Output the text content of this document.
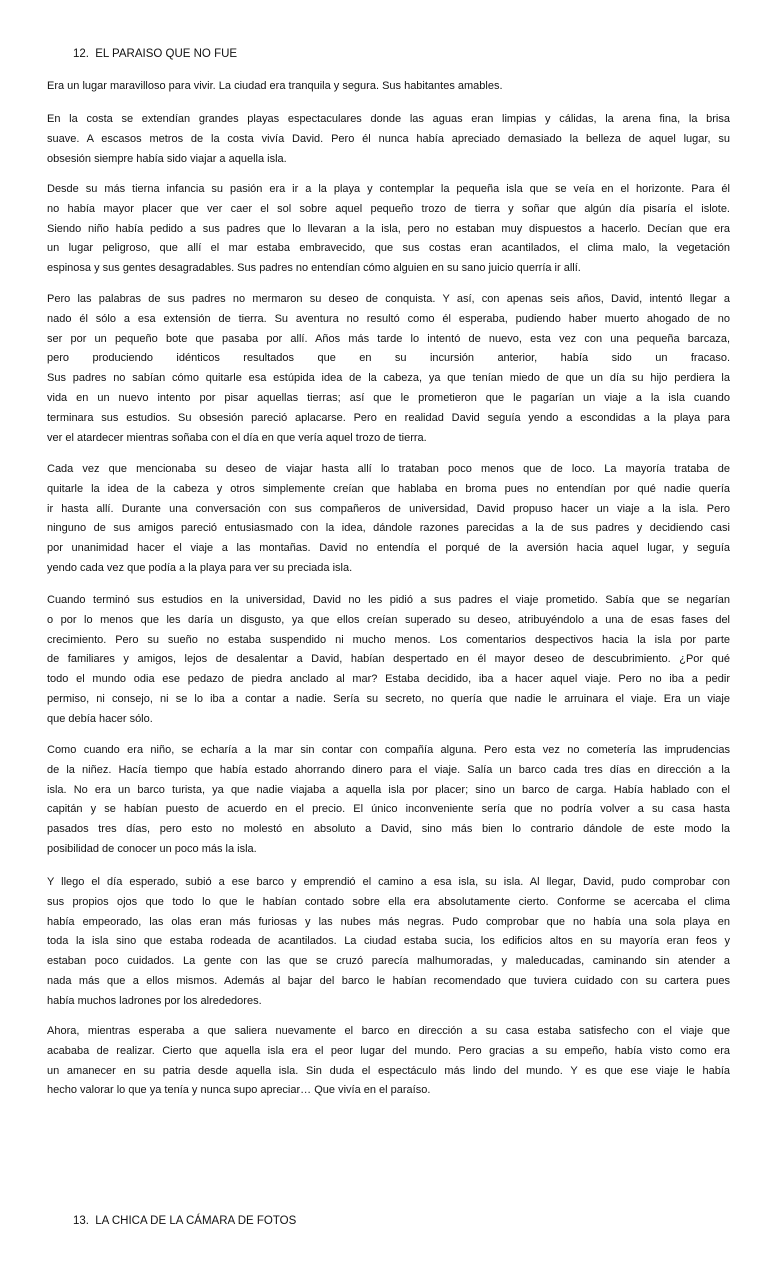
12. EL PARAISO QUE NO FUE
Era un lugar maravilloso para vivir. La ciudad era tranquila y segura. Sus habitantes amables.
En la costa se extendían grandes playas espectaculares donde las aguas eran limpias y cálidas, la arena fina, la brisa
suave. A escasos metros de la costa vivía David. Pero él nunca había apreciado demasiado la belleza de aquel lugar, su
obsesión siempre había sido viajar a aquella isla.
Desde su más tierna infancia su pasión era ir a la playa y contemplar la pequeña isla que se veía en el horizonte. Para él
no había mayor placer que ver caer el sol sobre aquel pequeño trozo de tierra y soñar que algún día pisaría el islote.
Siendo niño había pedido a sus padres que lo llevaran a la isla, pero no estaban muy dispuestos a hacerlo. Decían que era
un lugar peligroso, que allí el mar estaba embravecido, que sus costas eran acantilados, el clima malo, la vegetación
espinosa y sus gentes desagradables. Sus padres no entendían cómo alguien en su sano juicio querría ir allí.
Pero las palabras de sus padres no mermaron su deseo de conquista. Y así, con apenas seis años, David, intentó llegar a
nado él sólo a esa extensión de tierra. Su aventura no resultó como él esperaba, pudiendo haber muerto ahogado de no
ser por un pequeño bote que pasaba por allí. Años más tarde lo intentó de nuevo, esta vez con una pequeña barcaza,
pero produciendo idénticos resultados que en su incursión anterior, había sido un fracaso.
Sus padres no sabían cómo quitarle esa estúpida idea de la cabeza, ya que tenían miedo de que un día su hijo perdiera la
vida en un nuevo intento por pisar aquellas tierras; así que le prometieron que le pagarían un viaje a la isla cuando
terminara sus estudios. Su obsesión pareció aplacarse. Pero en realidad David seguía yendo a escondidas a la playa para
ver el atardecer mientras soñaba con el día en que vería aquel trozo de tierra.
Cada vez que mencionaba su deseo de viajar hasta allí lo trataban poco menos que de loco. La mayoría trataba de
quitarle la idea de la cabeza y otros simplemente creían que hablaba en broma pues no entendían por qué nadie quería
ir hasta allí. Durante una conversación con sus compañeros de universidad, David propuso hacer un viaje a la isla. Pero
ninguno de sus amigos pareció entusiasmado con la idea, dándole razones parecidas a la de sus padres y decidiendo casi
por unanimidad hacer el viaje a las montañas. David no entendía el porqué de la aversión hacia aquel lugar, y seguía
yendo cada vez que podía a la playa para ver su preciada isla.
Cuando terminó sus estudios en la universidad, David no les pidió a sus padres el viaje prometido. Sabía que se negarían
o por lo menos que les daría un disgusto, ya que ellos creían superado su deseo, atribuyéndolo a una de esas fases del
crecimiento. Pero su sueño no estaba suspendido ni mucho menos. Los comentarios despectivos hacia la isla por parte
de familiares y amigos, lejos de desalentar a David, habían despertado en él mayor deseo de descubrimiento. ¿Por qué
todo el mundo odia ese pedazo de piedra anclado al mar? Estaba decidido, iba a hacer aquel viaje. Pero no iba a pedir
permiso, ni consejo, ni se lo iba a contar a nadie. Sería su secreto, no quería que nadie le arruinara el viaje. Era un viaje
que debía hacer sólo.
Como cuando era niño, se echaría a la mar sin contar con compañía alguna. Pero esta vez no cometería las imprudencias
de la niñez. Hacía tiempo que había estado ahorrando dinero para el viaje. Salía un barco cada tres días en dirección a la
isla. No era un barco turista, ya que nadie viajaba a aquella isla por placer; sino un barco de carga. Había hablado con el
capitán y se habían puesto de acuerdo en el precio. El único inconveniente sería que no podría volver a su casa hasta
pasados tres días, pero esto no molestó en absoluto a David, sino más bien lo contrario dándole de este modo la
posibilidad de conocer un poco más la isla.
Y llego el día esperado, subió a ese barco y emprendió el camino a esa isla, su isla. Al llegar, David, pudo comprobar con
sus propios ojos que todo lo que le habían contado sobre ella era absolutamente cierto. Conforme se acercaba el clima
había empeorado, las olas eran más furiosas y las nubes más negras. Pudo comprobar que no había una sola playa en
toda la isla sino que estaba rodeada de acantilados. La ciudad estaba sucia, los edificios altos en su mayoría eran feos y
estaban poco cuidados. La gente con las que se cruzó parecía malhumoradas, y maleducadas, caminando sin atender a
nada más que a ellos mismos. Además al bajar del barco le habían recomendado que tuviera cuidado con su cartera pues
había muchos ladrones por los alrededores.
Ahora, mientras esperaba a que saliera nuevamente el barco en dirección a su casa estaba satisfecho con el viaje que
acababa de realizar. Cierto que aquella isla era el peor lugar del mundo. Pero gracias a su empeño, había visto como era
un amanecer en su patria desde aquella isla. Sin duda el espectáculo más lindo del mundo. Y es que ese viaje le había
hecho valorar lo que ya tenía y nunca supo apreciar… Que vivía en el paraíso.
13. LA CHICA DE LA CÁMARA DE FOTOS
